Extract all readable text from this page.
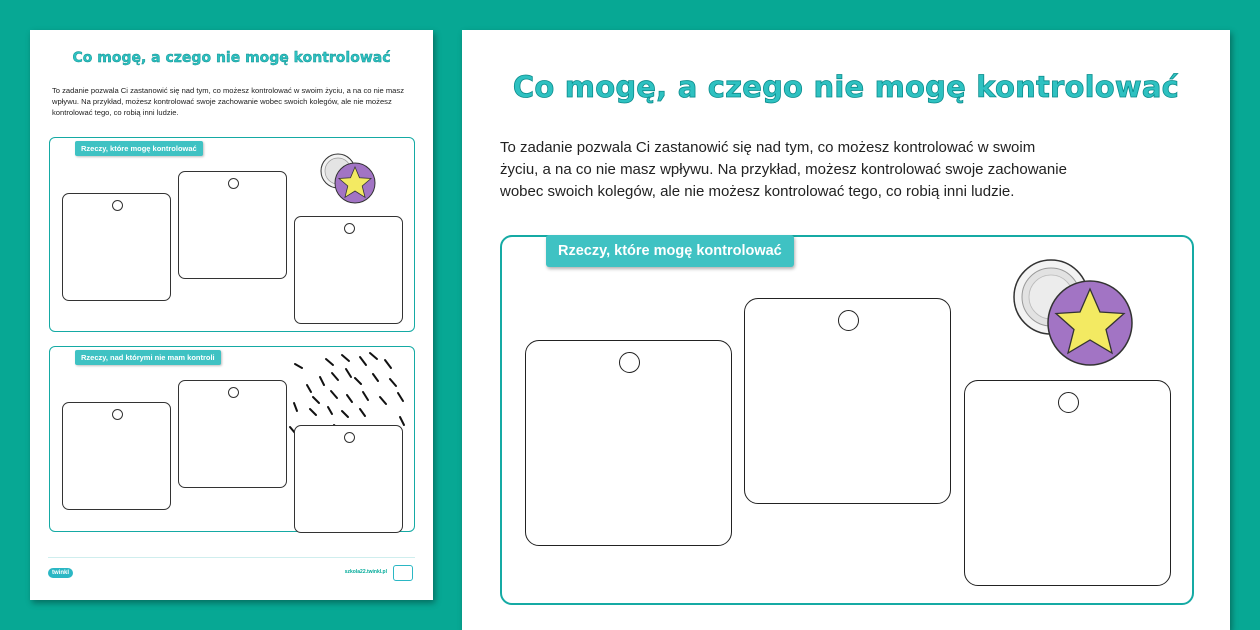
Co mogę, a czego nie mogę kontrolować
To zadanie pozwala Ci zastanowić się nad tym, co możesz kontrolować w swoim życiu, a na co nie masz wpływu. Na przykład, możesz kontrolować swoje zachowanie wobec swoich kolegów, ale nie możesz kontrolować tego, co robią inni ludzie.
Rzeczy, które mogę kontrolować
Rzeczy, nad którymi nie mam kontroli
twinkl	szkola22.twinkl.pl
Co mogę, a czego nie mogę kontrolować
To zadanie pozwala Ci zastanowić się nad tym, co możesz kontrolować w swoim
życiu, a na co nie masz wpływu. Na przykład, możesz kontrolować swoje zachowanie
wobec swoich kolegów, ale nie możesz kontrolować tego, co robią inni ludzie.
Rzeczy, które mogę kontrolować
